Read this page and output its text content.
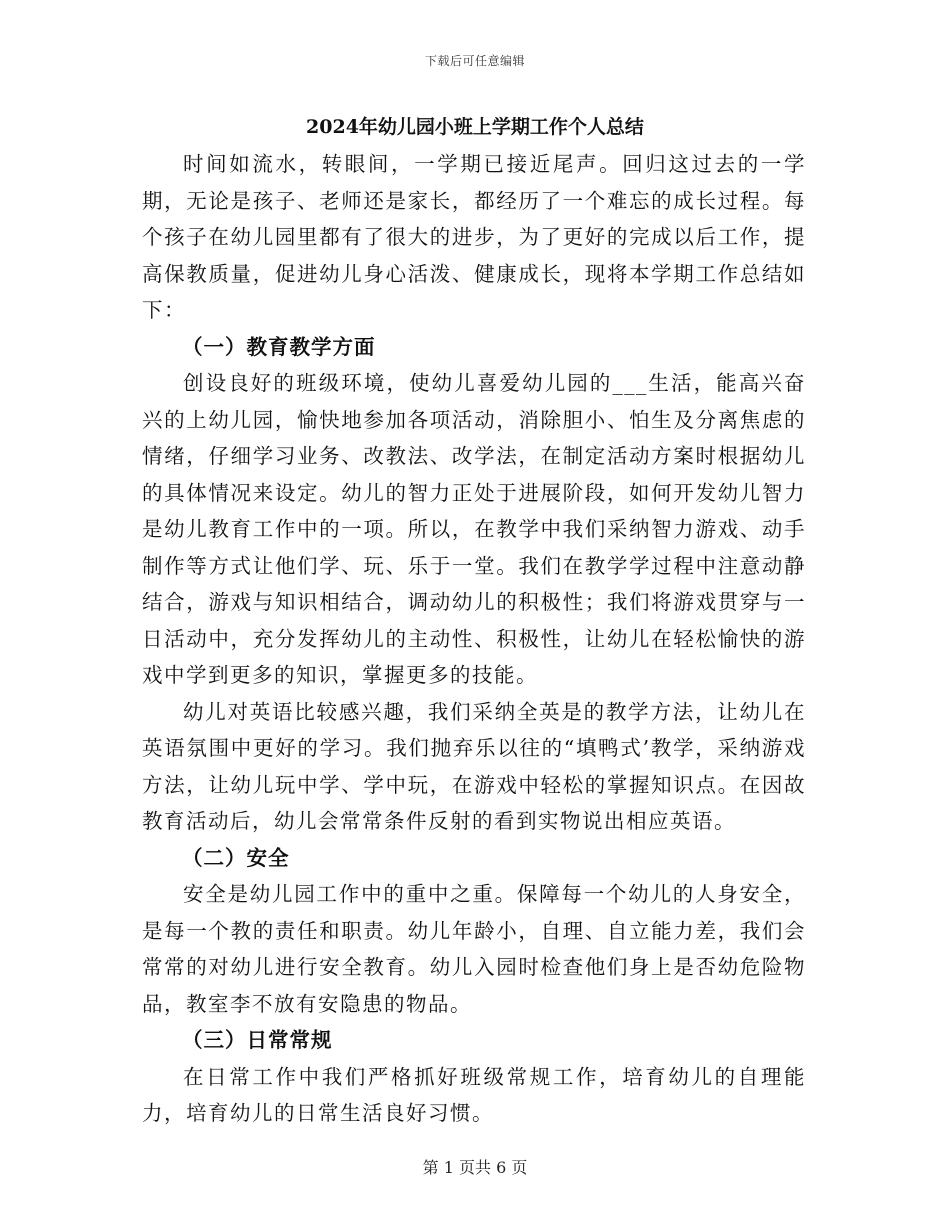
下载后可任意编辑
2024年幼儿园小班上学期工作个人总结

时间如流水，转眼间，一学期已接近尾声。回归这过去的一学期，无论是孩子、老师还是家长，都经历了一个难忘的成长过程。每个孩子在幼儿园里都有了很大的进步，为了更好的完成以后工作，提高保教质量，促进幼儿身心活泼、健康成长，现将本学期工作总结如下：

（一）教育教学方面

创设良好的班级环境，使幼儿喜爱幼儿园的___生活，能高兴奋兴的上幼儿园，愉快地参加各项活动，消除胆小、怕生及分离焦虑的情绪，仔细学习业务、改教法、改学法，在制定活动方案时根据幼儿的具体情况来设定。幼儿的智力正处于进展阶段，如何开发幼儿智力是幼儿教育工作中的一项。所以，在教学中我们采纳智力游戏、动手制作等方式让他们学、玩、乐于一堂。我们在教学学过程中注意动静结合，游戏与知识相结合，调动幼儿的积极性；我们将游戏贯穿与一日活动中，充分发挥幼儿的主动性、积极性，让幼儿在轻松愉快的游戏中学到更多的知识，掌握更多的技能。

幼儿对英语比较感兴趣，我们采纳全英是的教学方法，让幼儿在英语氛围中更好的学习。我们抛弃乐以往的“填鸭式’教学，采纳游戏方法，让幼儿玩中学、学中玩，在游戏中轻松的掌握知识点。在因故教育活动后，幼儿会常常条件反射的看到实物说出相应英语。

（二）安全

安全是幼儿园工作中的重中之重。保障每一个幼儿的人身安全，是每一个教的责任和职责。幼儿年龄小，自理、自立能力差，我们会常常的对幼儿进行安全教育。幼儿入园时检查他们身上是否幼危险物品，教室李不放有安隐患的物品。

（三）日常常规

在日常工作中我们严格抓好班级常规工作，培育幼儿的自理能力，培育幼儿的日常生活良好习惯。

第 1 页共 6 页
